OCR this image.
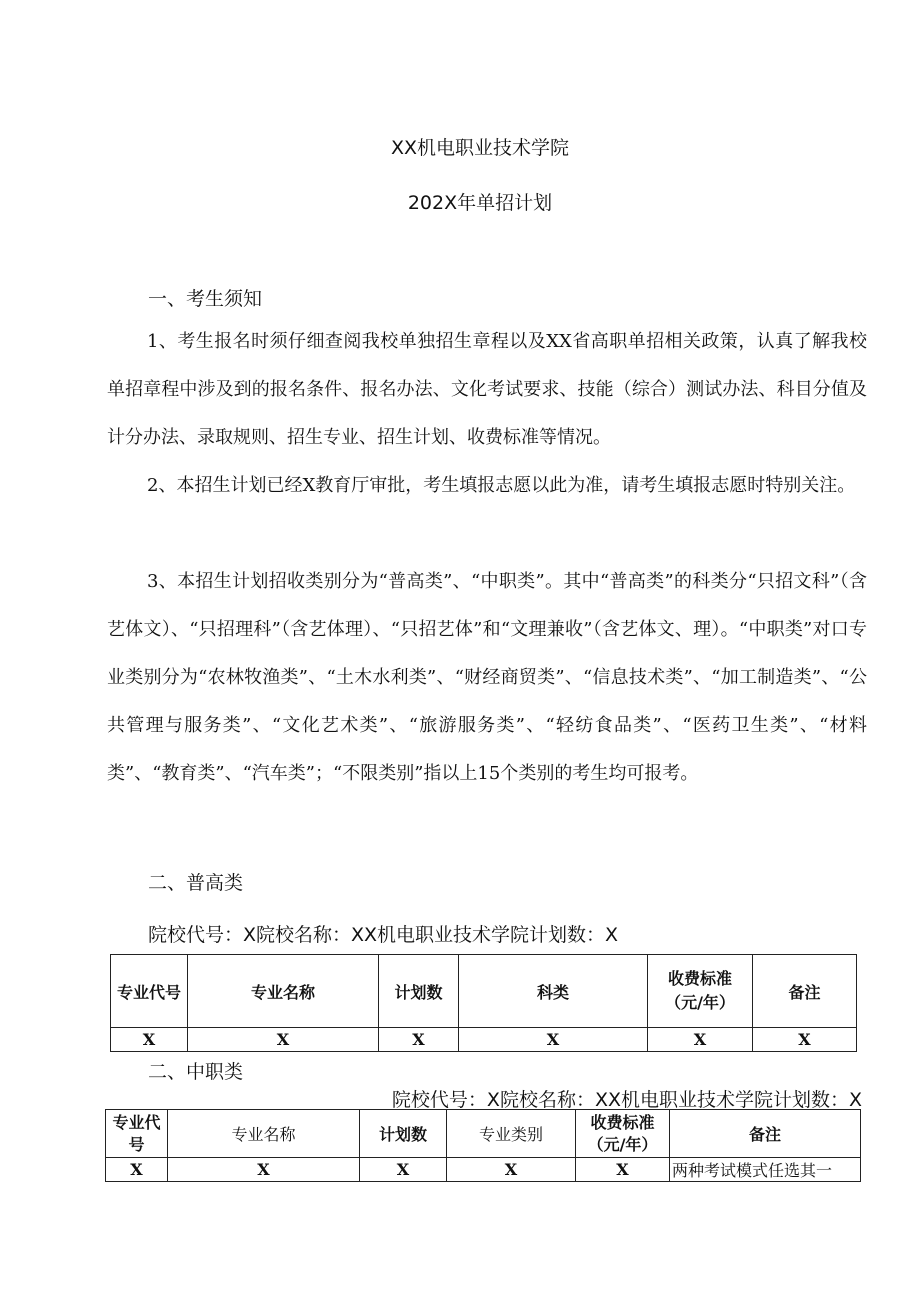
XX机电职业技术学院
202X年单招计划
一、考生须知

1、考生报名时须仔细查阅我校单独招生章程以及XX省高职单招相关政策，认真了解我校单招章程中涉及到的报名条件、报名办法、文化考试要求、技能（综合）测试办法、科目分值及计分办法、录取规则、招生专业、招生计划、收费标准等情况。

2、本招生计划已经X教育厅审批，考生填报志愿以此为准，请考生填报志愿时特别关注。

3、本招生计划招收类别分为“普高类”、“中职类”。其中“普高类”的科类分“只招文科”（含艺体文）、“只招理科”（含艺体理）、“只招艺体”和“文理兼收”（含艺体文、理）。“中职类”对口专业类别分为“农林牧渔类”、“土木水利类”、“财经商贸类”、“信息技术类”、“加工制造类”、“公共管理与服务类”、“文化艺术类”、“旅游服务类”、“轻纺食品类”、“医药卫生类”、“材料类”、“教育类”、“汽车类”；“不限类别”指以上15个类别的考生均可报考。

二、普高类
院校代号：X院校名称：XX机电职业技术学院计划数：X
专业代号	专业名称	计划数	科类	收费标准（元/年）	备注
X	X	X	X	X	X
二、中职类
院校代号：X院校名称：XX机电职业技术学院计划数：X
专业代号	专业名称	计划数	专业类别	收费标准（元/年）	备注
X	X	X	X	X	两种考试模式任选其一
